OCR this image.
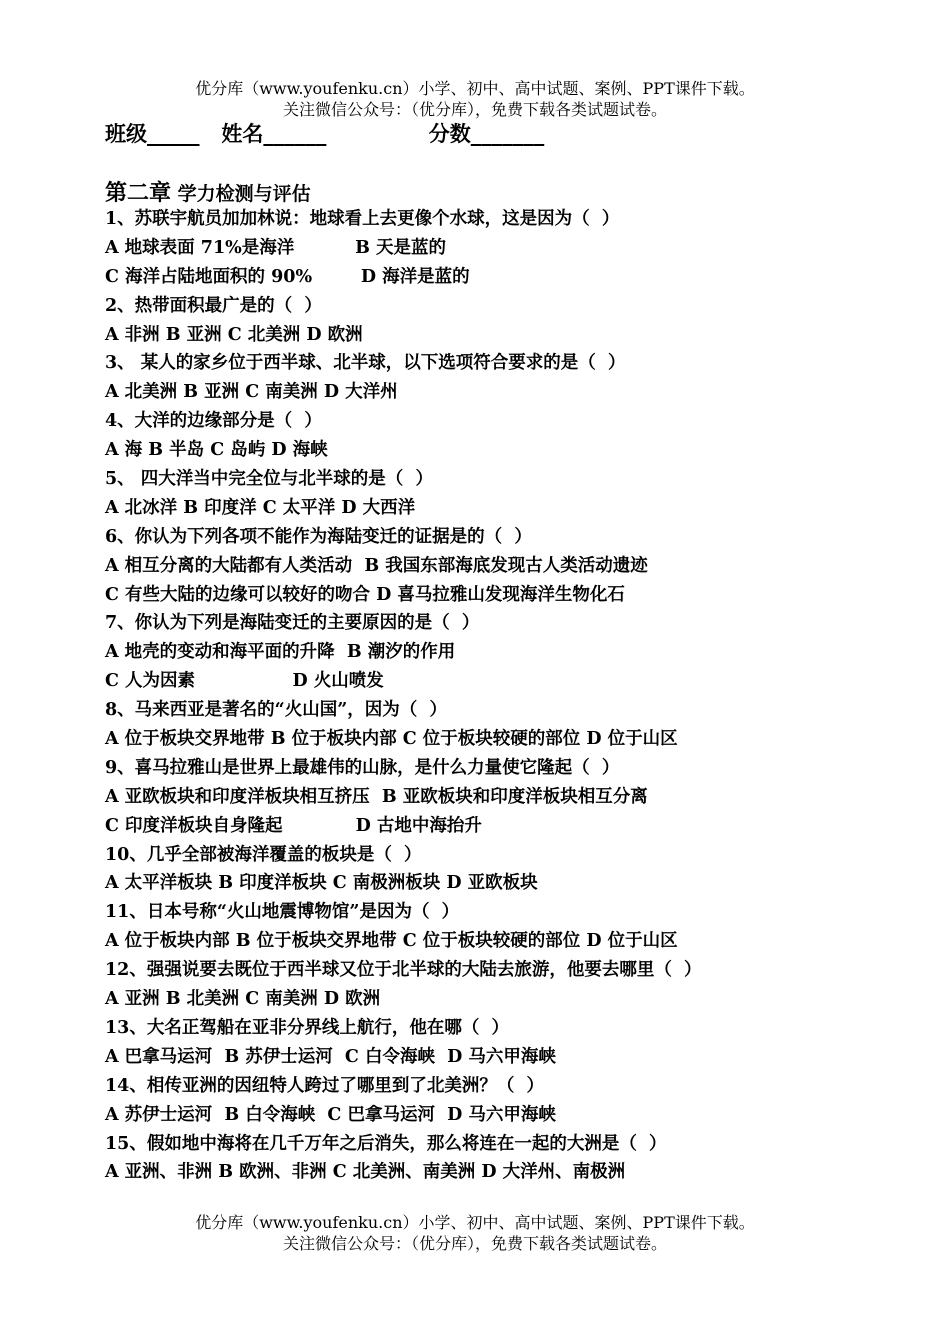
优分库（www.youfenku.cn）小学、初中、高中试题、案例、PPT课件下载。
关注微信公众号：（优分库），免费下载各类试题试卷。
班级_____   姓名______              分数_______
第二章 学力检测与评估
1、苏联宇航员加加林说：地球看上去更像个水球，这是因为（  ）
A 地球表面 71%是海洋          B 天是蓝的
C 海洋占陆地面积的 90%        D 海洋是蓝的
2、热带面积最广是的（  ）
A 非洲 B 亚洲 C 北美洲 D 欧洲
3、 某人的家乡位于西半球、北半球，以下选项符合要求的是（  ）
A 北美洲 B 亚洲 C 南美洲 D 大洋州
4、大洋的边缘部分是（  ）
A 海 B 半岛 C 岛屿 D 海峡
5、 四大洋当中完全位与北半球的是（  ）
A 北冰洋 B 印度洋 C 太平洋 D 大西洋
6、你认为下列各项不能作为海陆变迁的证据是的（  ）
A 相互分离的大陆都有人类活动  B 我国东部海底发现古人类活动遗迹
C 有些大陆的边缘可以较好的吻合 D 喜马拉雅山发现海洋生物化石
7、你认为下列是海陆变迁的主要原因的是（  ）
A 地壳的变动和海平面的升降  B 潮汐的作用
C 人为因素                D 火山喷发
8、马来西亚是著名的“火山国”，因为（  ）
A 位于板块交界地带 B 位于板块内部 C 位于板块较硬的部位 D 位于山区
9、喜马拉雅山是世界上最雄伟的山脉，是什么力量使它隆起（  ）
A 亚欧板块和印度洋板块相互挤压  B 亚欧板块和印度洋板块相互分离
C 印度洋板块自身隆起            D 古地中海抬升
10、几乎全部被海洋覆盖的板块是（  ）
A 太平洋板块 B 印度洋板块 C 南极洲板块 D 亚欧板块
11、日本号称“火山地震博物馆”是因为（  ）
A 位于板块内部 B 位于板块交界地带 C 位于板块较硬的部位 D 位于山区
12、强强说要去既位于西半球又位于北半球的大陆去旅游，他要去哪里（  ）
A 亚洲 B 北美洲 C 南美洲 D 欧洲
13、大名正驾船在亚非分界线上航行，他在哪（  ）
A 巴拿马运河  B 苏伊士运河  C 白令海峡  D 马六甲海峡
14、相传亚洲的因纽特人跨过了哪里到了北美洲？（  ）
A 苏伊士运河  B 白令海峡  C 巴拿马运河  D 马六甲海峡
15、假如地中海将在几千万年之后消失，那么将连在一起的大洲是（  ）
A 亚洲、非洲 B 欧洲、非洲 C 北美洲、南美洲 D 大洋州、南极洲
优分库（www.youfenku.cn）小学、初中、高中试题、案例、PPT课件下载。
关注微信公众号：（优分库），免费下载各类试题试卷。
